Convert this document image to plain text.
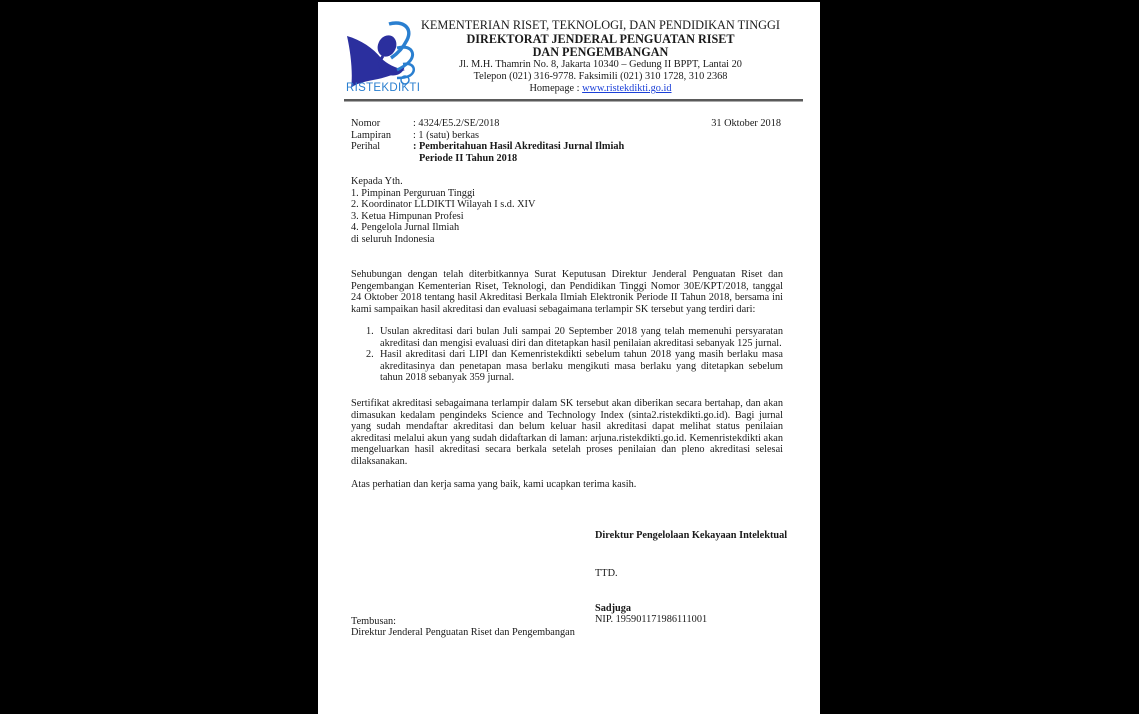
RISTEKDIKTI
KEMENTERIAN RISET, TEKNOLOGI, DAN PENDIDIKAN TINGGI
DIREKTORAT JENDERAL PENGUATAN RISET
DAN PENGEMBANGAN
Jl. M.H. Thamrin No. 8, Jakarta 10340 – Gedung II BPPT, Lantai 20
Telepon (021) 316-9778. Faksimili (021) 310 1728, 310 2368
Homepage : www.ristekdikti.go.id
Nomor	: 4324/E5.2/SE/2018
Lampiran : 1 (satu) berkas
Perihal	: Pemberitahuan Hasil Akreditasi Jurnal Ilmiah
Periode II Tahun 2018
31 Oktober 2018
Kepada Yth.
1. Pimpinan Perguruan Tinggi
2. Koordinator LLDIKTI Wilayah I s.d. XIV
3. Ketua Himpunan Profesi
4. Pengelola Jurnal Ilmiah
di seluruh Indonesia
Sehubungan dengan telah diterbitkannya Surat Keputusan Direktur Jenderal Penguatan Riset dan Pengembangan Kementerian Riset, Teknologi, dan Pendidikan Tinggi Nomor 30E/KPT/2018, tanggal 24 Oktober 2018 tentang hasil Akreditasi Berkala Ilmiah Elektronik Periode II Tahun 2018, bersama ini kami sampaikan hasil akreditasi dan evaluasi sebagaimana terlampir SK tersebut yang terdiri dari:
1. Usulan akreditasi dari bulan Juli sampai 20 September 2018 yang telah memenuhi persyaratan akreditasi dan mengisi evaluasi diri dan ditetapkan hasil penilaian akreditasi sebanyak 125 jurnal.
2. Hasil akreditasi dari LIPI dan Kemenristekdikti sebelum tahun 2018 yang masih berlaku masa akreditasinya dan penetapan masa berlaku mengikuti masa berlaku yang ditetapkan sebelum tahun 2018 sebanyak 359 jurnal.
Sertifikat akreditasi sebagaimana terlampir dalam SK tersebut akan diberikan secara bertahap, dan akan dimasukan kedalam pengindeks Science and Technology Index (sinta2.ristekdikti.go.id). Bagi jurnal yang sudah mendaftar akreditasi dan belum keluar hasil akreditasi dapat melihat status penilaian akreditasi melalui akun yang sudah didaftarkan di laman: arjuna.ristekdikti.go.id. Kemenristekdikti akan mengeluarkan hasil akreditasi secara berkala setelah proses penilaian dan pleno akreditasi selesai dilaksanakan.
Atas perhatian dan kerja sama yang baik, kami ucapkan terima kasih.
Direktur Pengelolaan Kekayaan Intelektual
TTD.
Sadjuga
NIP. 195901171986111001
Tembusan:
Direktur Jenderal Penguatan Riset dan Pengembangan
